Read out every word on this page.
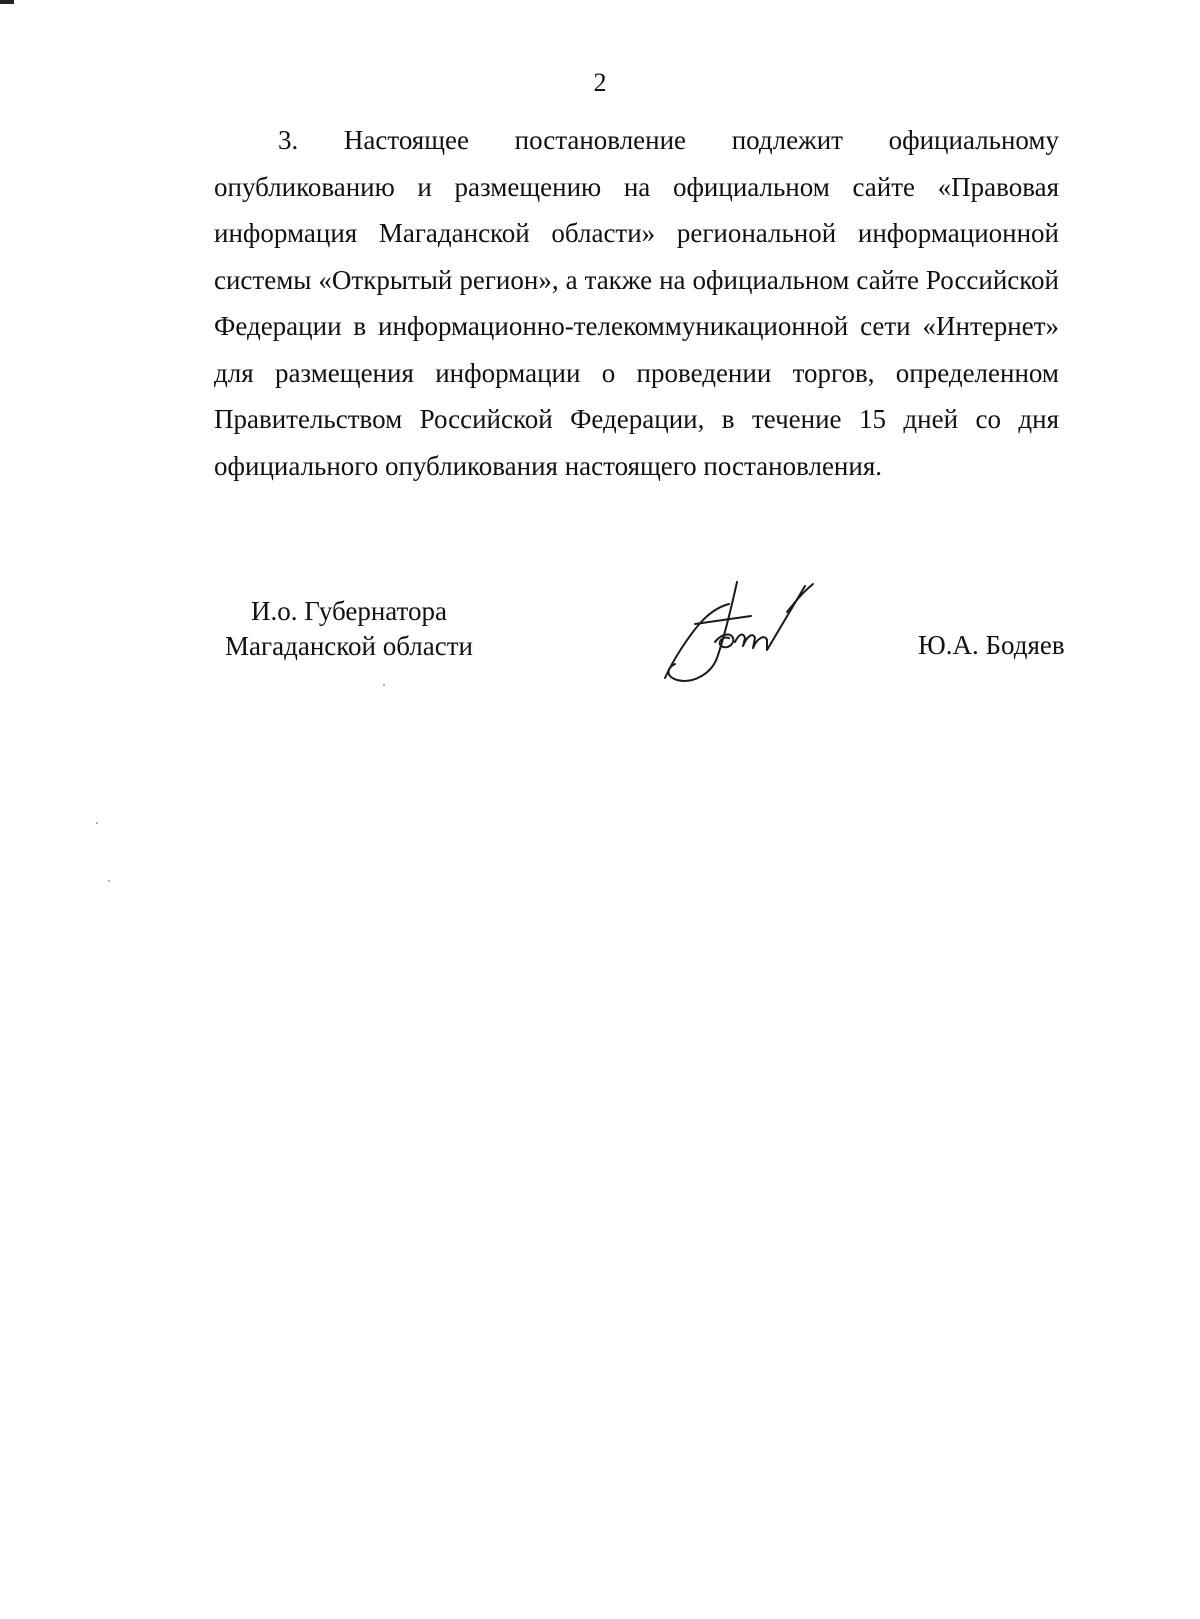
2

3. Настоящее постановление подлежит официальному опубликованию и размещению на официальном сайте «Правовая информация Магаданской области» региональной информационной системы «Открытый регион», а также на официальном сайте Российской Федерации в информационно-телекоммуникационной сети «Интернет» для размещения информации о проведении торгов, определенном Правительством Российской Федерации, в течение 15 дней со дня официального опубликования настоящего постановления.

И.о. Губернатора
Магаданской области	Ю.А. Бодяев
